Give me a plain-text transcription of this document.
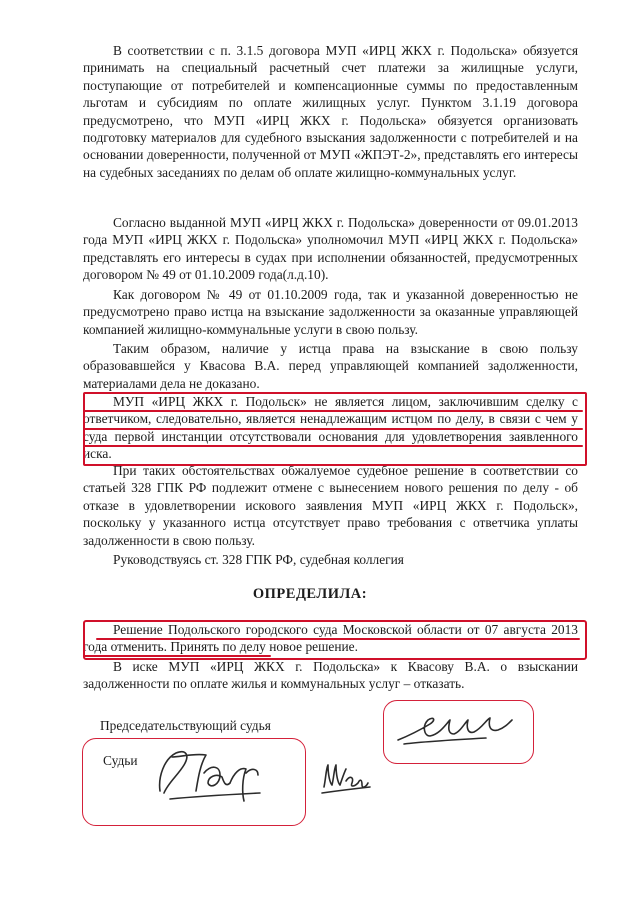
В соответствии с п. 3.1.5 договора МУП «ИРЦ ЖКХ г. Подольска» обязуется принимать на специальный расчетный счет платежи за жилищные услуги, поступающие от потребителей и компенсационные суммы по предоставленным льготам и субсидиям по оплате жилищных услуг. Пунктом 3.1.19 договора предусмотрено, что МУП «ИРЦ ЖКХ г. Подольска» обязуется организовать подготовку материалов для судебного взыскания задолженности с потребителей и на основании доверенности, полученной от МУП «ЖПЭТ-2», представлять его интересы на судебных заседаниях по делам об оплате жилищно-коммунальных услуг.

Согласно выданной МУП «ИРЦ ЖКХ г. Подольска» доверенности от 09.01.2013 года МУП «ИРЦ ЖКХ г. Подольска» уполномочил МУП «ИРЦ ЖКХ г. Подольска» представлять его интересы в судах при исполнении обязанностей, предусмотренных договором № 49 от 01.10.2009 года(л.д.10).

Как договором № 49 от 01.10.2009 года, так и указанной доверенностью не предусмотрено право истца на взыскание задолженности за оказанные управляющей компанией жилищно-коммунальные услуги в свою пользу.

Таким образом, наличие у истца права на взыскание в свою пользу образовавшейся у Квасова В.А. перед управляющей компанией задолженности, материалами дела не доказано.

МУП «ИРЦ ЖКХ г. Подольск» не является лицом, заключившим сделку с ответчиком, следовательно, является ненадлежащим истцом по делу, в связи с чем у суда первой инстанции отсутствовали основания для удовлетворения заявленного иска.

При таких обстоятельствах обжалуемое судебное решение в соответствии со статьей 328 ГПК РФ подлежит отмене с вынесением нового решения по делу - об отказе в удовлетворении искового заявления МУП «ИРЦ ЖКХ г. Подольск», поскольку у указанного истца отсутствует право требования с ответчика уплаты задолженности в свою пользу.

Руководствуясь ст. 328 ГПК РФ, судебная коллегия

ОПРЕДЕЛИЛА:

Решение Подольского городского суда Московской области от 07 августа 2013 года отменить. Принять по делу новое решение.

В иске МУП «ИРЦ ЖКХ г. Подольска» к Квасову В.А. о взыскании задолженности по оплате жилья и коммунальных услуг – отказать.

Председательствующий судья

Судьи
